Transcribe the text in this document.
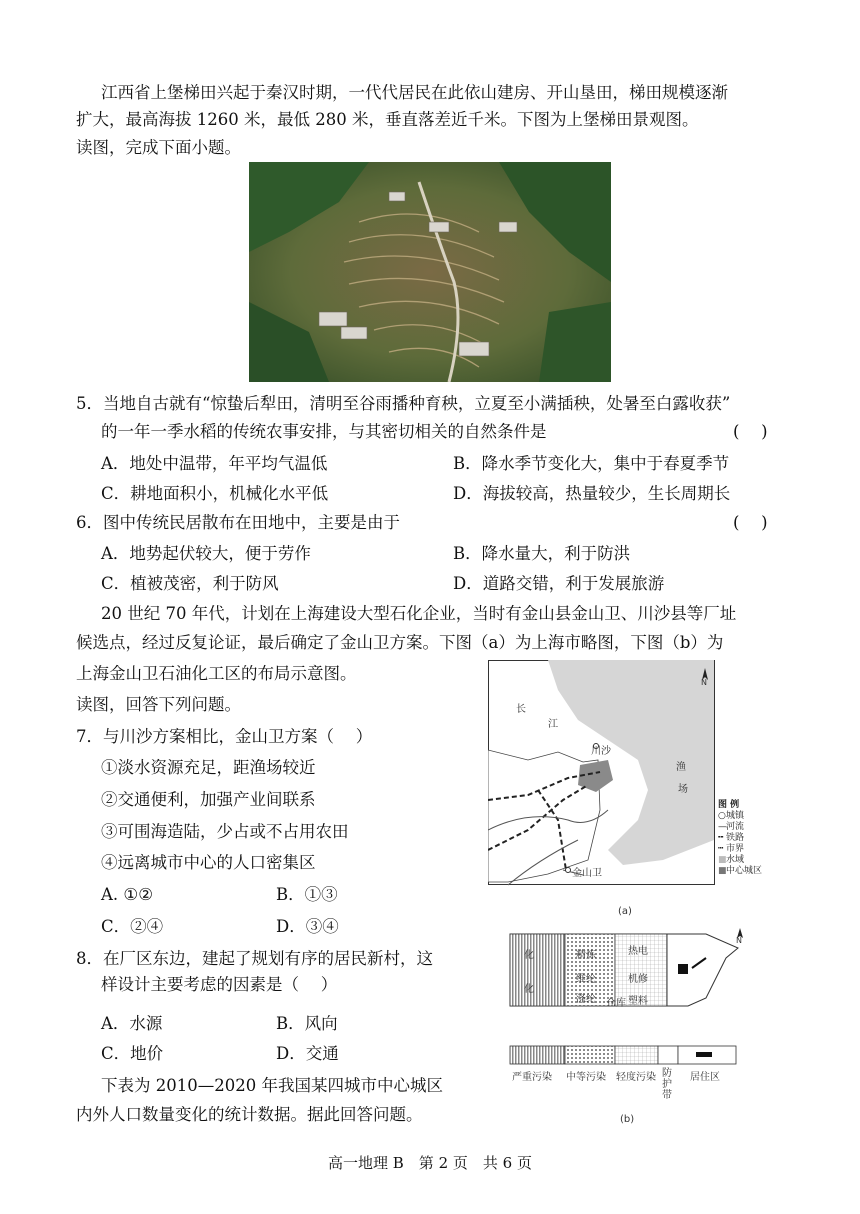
江西省上堡梯田兴起于秦汉时期，一代代居民在此依山建房、开山垦田，梯田规模逐渐
扩大，最高海拔 1260 米，最低 280 米，垂直落差近千米。下图为上堡梯田景观图。
读图，完成下面小题。
5．当地自古就有“惊蛰后犁田，清明至谷雨播种育秧，立夏至小满插秧，处暑至白露收获”
的一年一季水稻的传统农事安排，与其密切相关的自然条件是	(　 )
A．地处中温带，年平均气温低	B．降水季节变化大，集中于春夏季节
C．耕地面积小，机械化水平低	D．海拔较高，热量较少，生长周期长
6．图中传统民居散布在田地中，主要是由于	(　 )
A．地势起伏较大，便于劳作	B．降水量大，利于防洪
C．植被茂密，利于防风	D．道路交错，利于发展旅游
20 世纪 70 年代，计划在上海建设大型石化企业，当时有金山县金山卫、川沙县等厂址
候选点，经过反复论证，最后确定了金山卫方案。下图（a）为上海市略图，下图（b）为
上海金山卫石油化工区的布局示意图。
读图，回答下列问题。
7．与川沙方案相比，金山卫方案（　 ）
①淡水资源充足，距渔场较近
②交通便利，加强产业间联系
③可围海造陆，少占或不占用农田
④远离城市中心的人口密集区
A. ①②	B．①③
C．②④	D．③④
8．在厂区东边，建起了规划有序的居民新村，这
样设计主要考虑的因素是（　 ）
A．水源	B．风向
C．地价	D．交通
下表为 2010—2020 年我国某四城市中心城区
内外人口数量变化的统计数据。据此回答问题。
长
江
川沙
渔
场
金山卫
N
图 例
○城镇
—河流
╍ 铁路
┅ 市界
■水域
■中心城区
(a)
化
化
精炼
维纶
涤纶 仓库
热电
机修
塑料
N
严重污染 中等污染 轻度污染 防护带
居住区
(b)
高一地理 B　第 2 页　共 6 页
